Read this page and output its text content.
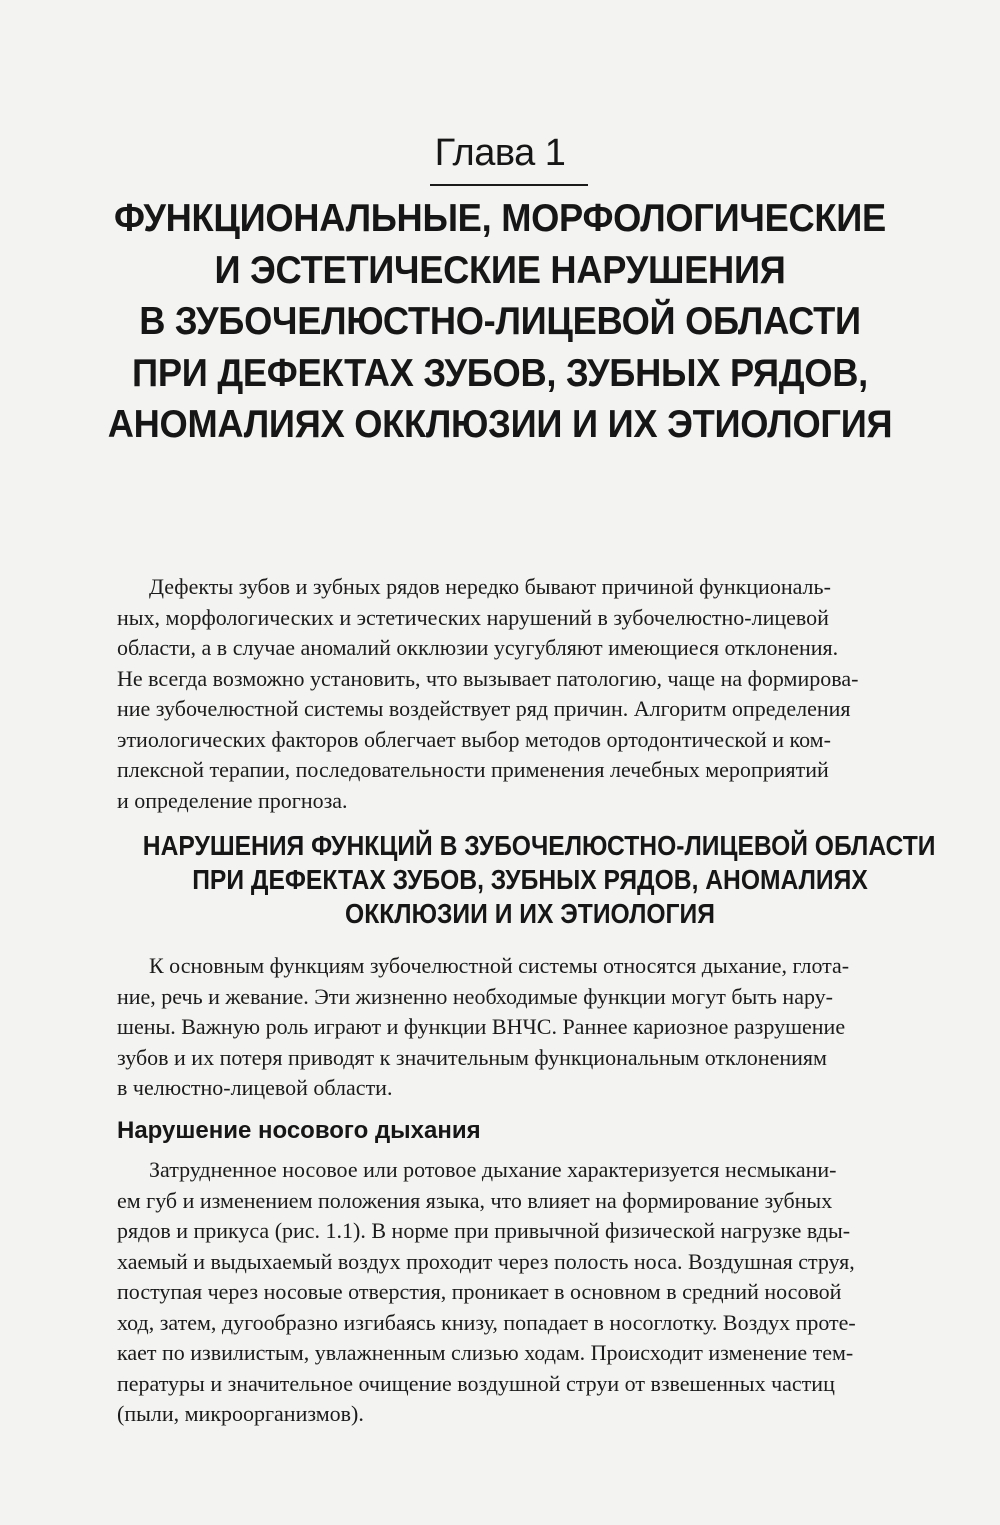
Глава 1
ФУНКЦИОНАЛЬНЫЕ, МОРФОЛОГИЧЕСКИЕ
И ЭСТЕТИЧЕСКИЕ НАРУШЕНИЯ
В ЗУБОЧЕЛЮСТНО-ЛИЦЕВОЙ ОБЛАСТИ
ПРИ ДЕФЕКТАХ ЗУБОВ, ЗУБНЫХ РЯДОВ,
АНОМАЛИЯХ ОККЛЮЗИИ И ИХ ЭТИОЛОГИЯ
Дефекты зубов и зубных рядов нередко бывают причиной функциональ-
ных, морфологических и эстетических нарушений в зубочелюстно-лицевой
области, а в случае аномалий окклюзии усугубляют имеющиеся отклонения.
Не всегда возможно установить, что вызывает патологию, чаще на формирова-
ние зубочелюстной системы воздействует ряд причин. Алгоритм определения
этиологических факторов облегчает выбор методов ортодонтической и ком-
плексной терапии, последовательности применения лечебных мероприятий
и определение прогноза.
НАРУШЕНИЯ ФУНКЦИЙ В ЗУБОЧЕЛЮСТНО-ЛИЦЕВОЙ ОБЛАСТИ
ПРИ ДЕФЕКТАХ ЗУБОВ, ЗУБНЫХ РЯДОВ, АНОМАЛИЯХ
ОККЛЮЗИИ И ИХ ЭТИОЛОГИЯ
К основным функциям зубочелюстной системы относятся дыхание, глота-
ние, речь и жевание. Эти жизненно необходимые функции могут быть нару-
шены. Важную роль играют и функции ВНЧС. Раннее кариозное разрушение
зубов и их потеря приводят к значительным функциональным отклонениям
в челюстно-лицевой области.
Нарушение носового дыхания
Затрудненное носовое или ротовое дыхание характеризуется несмыкани-
ем губ и изменением положения языка, что влияет на формирование зубных
рядов и прикуса (рис. 1.1). В норме при привычной физической нагрузке вды-
хаемый и выдыхаемый воздух проходит через полость носа. Воздушная струя,
поступая через носовые отверстия, проникает в основном в средний носовой
ход, затем, дугообразно изгибаясь книзу, попадает в носоглотку. Воздух проте-
кает по извилистым, увлажненным слизью ходам. Происходит изменение тем-
пературы и значительное очищение воздушной струи от взвешенных частиц
(пыли, микроорганизмов).
